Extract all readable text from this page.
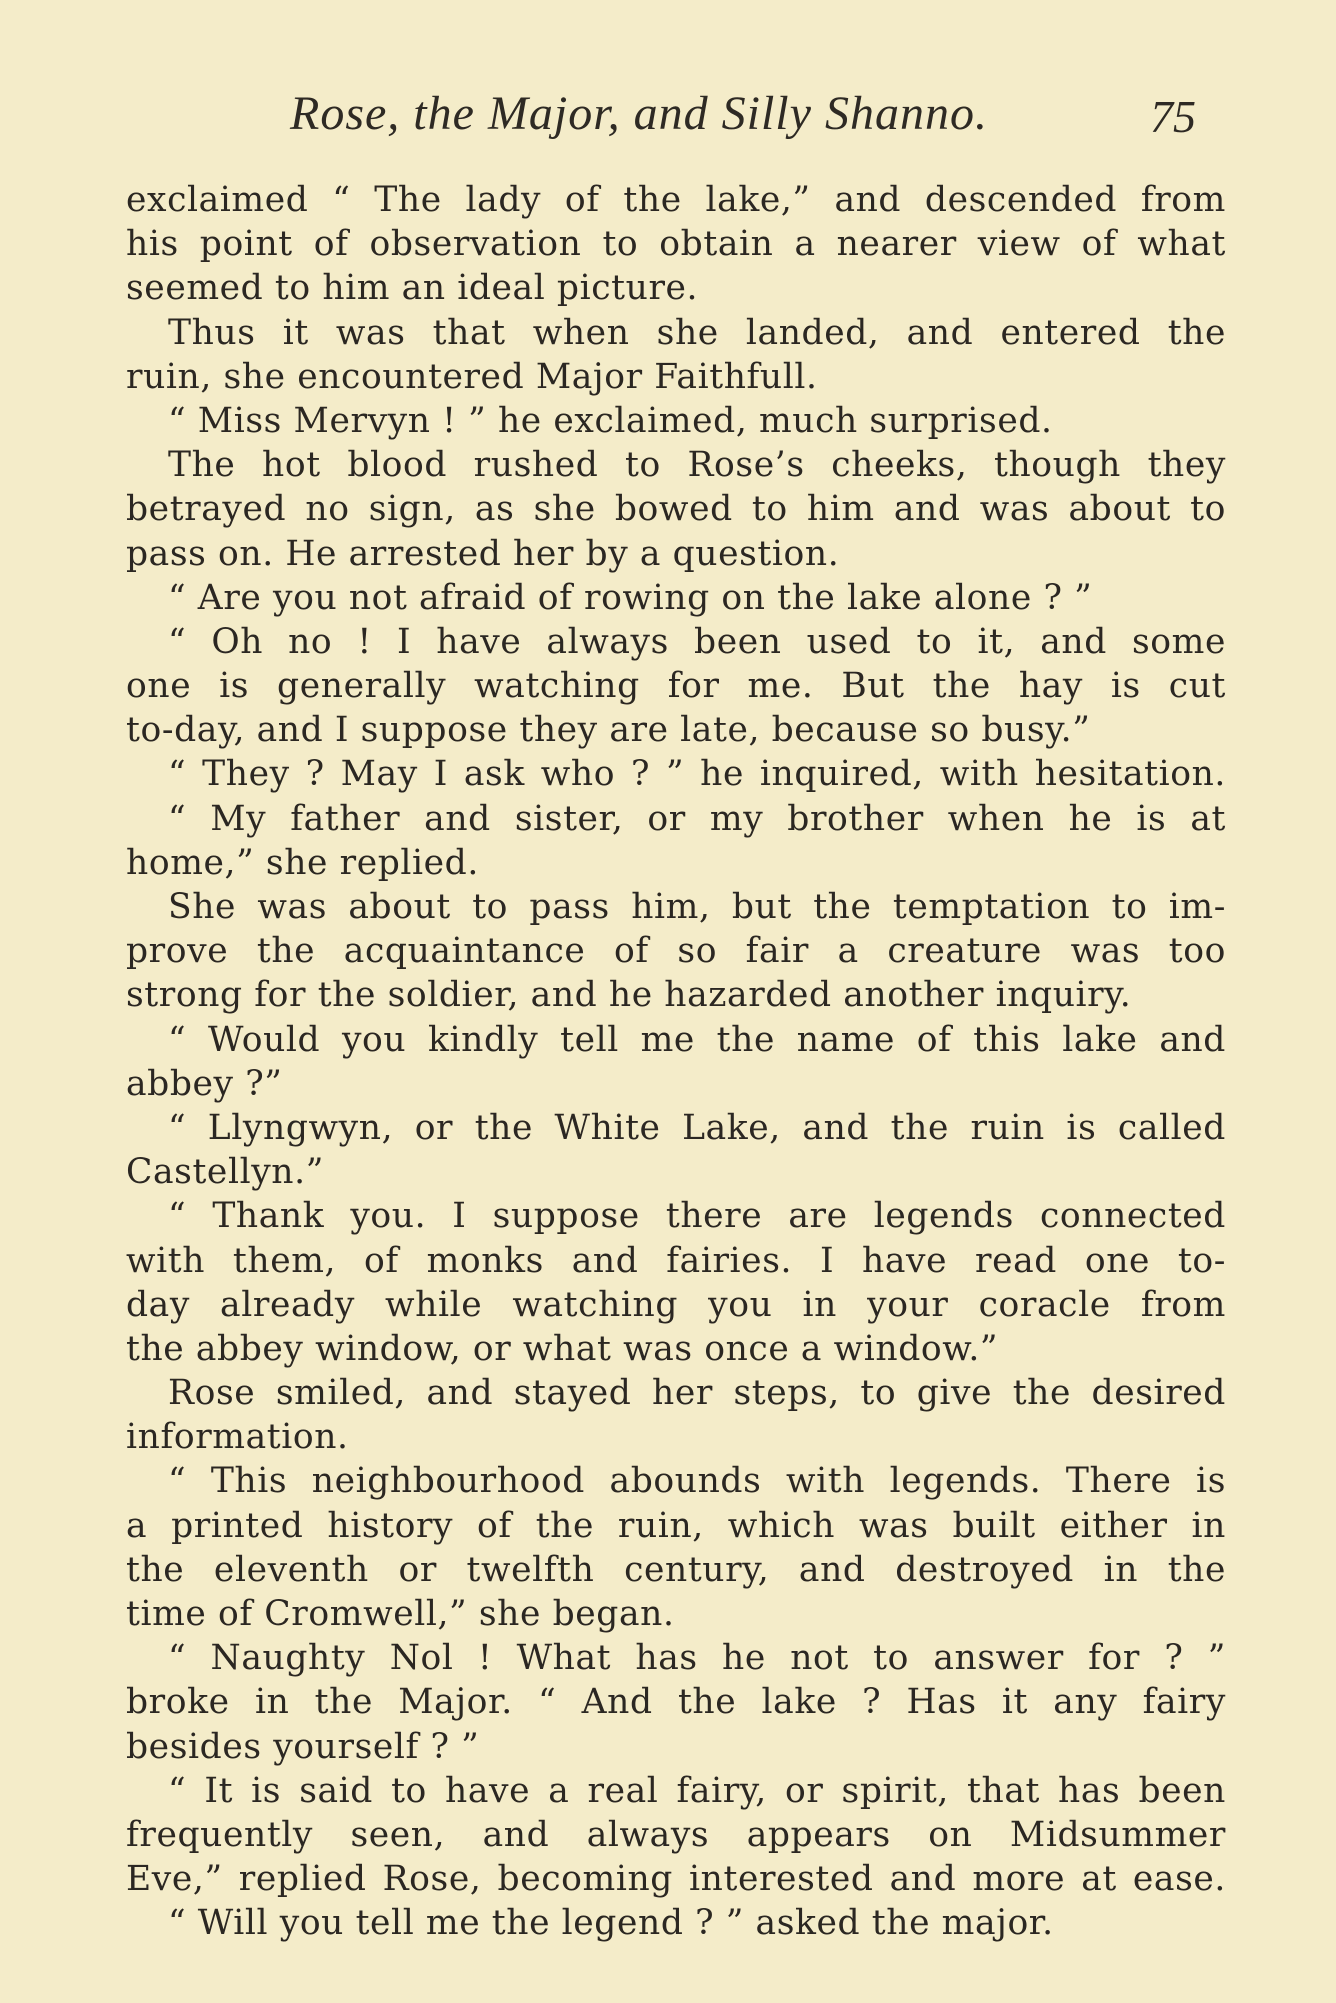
Rose, the Major, and Silly Shanno.	75
exclaimed “ The lady of the lake,” and descended from
his point of observation to obtain a nearer view of what
seemed to him an ideal picture.
Thus it was that when she landed, and entered the
ruin, she encountered Major Faithfull.
“ Miss Mervyn ! ” he exclaimed, much surprised.
The hot blood rushed to Rose’s cheeks, though they
betrayed no sign, as she bowed to him and was about to
pass on. He arrested her by a question.
“ Are you not afraid of rowing on the lake alone ? ”
“ Oh no ! I have always been used to it, and some
one is generally watching for me. But the hay is cut
to-day, and I suppose they are late, because so busy.”
“ They ? May I ask who ? ” he inquired, with hesitation.
“ My father and sister, or my brother when he is at
home,” she replied.
She was about to pass him, but the temptation to im-
prove the acquaintance of so fair a creature was too
strong for the soldier, and he hazarded another inquiry.
“ Would you kindly tell me the name of this lake and
abbey ?”
“ Llyngwyn, or the White Lake, and the ruin is called
Castellyn.”
“ Thank you. I suppose there are legends connected
with them, of monks and fairies. I have read one to-
day already while watching you in your coracle from
the abbey window, or what was once a window.”
Rose smiled, and stayed her steps, to give the desired
information.
“ This neighbourhood abounds with legends. There is
a printed history of the ruin, which was built either in
the eleventh or twelfth century, and destroyed in the
time of Cromwell,” she began.
“ Naughty Nol ! What has he not to answer for ? ”
broke in the Major. “ And the lake ? Has it any fairy
besides yourself ? ”
“ It is said to have a real fairy, or spirit, that has been
frequently seen, and always appears on Midsummer
Eve,” replied Rose, becoming interested and more at ease.
“ Will you tell me the legend ? ” asked the major.
